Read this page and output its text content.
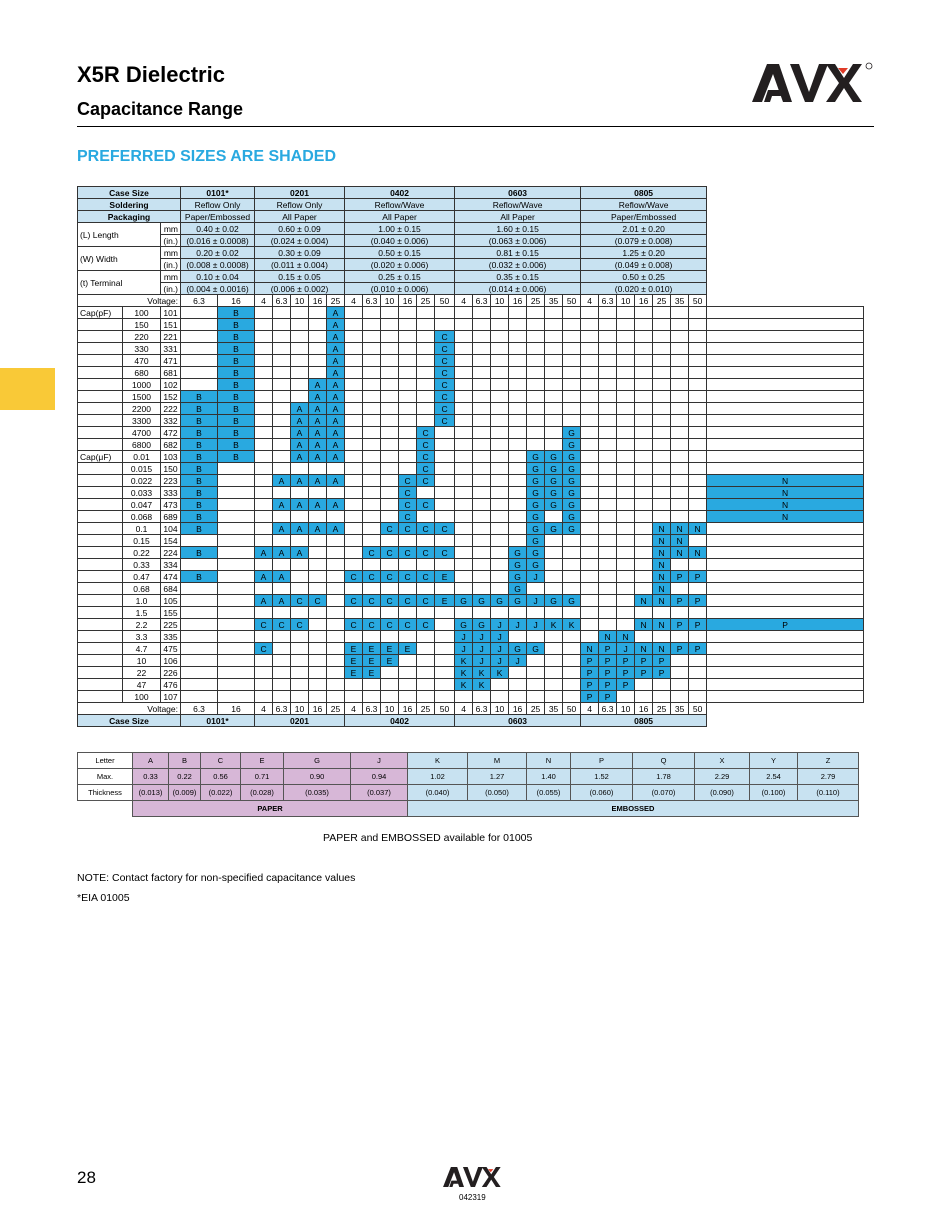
X5R Dielectric
Capacitance Range
PREFERRED SIZES ARE SHADED
Case Size			0101*		0201					0402						0603							0805							
Soldering			Reflow Only		Reflow Only					Reflow/Wave						Reflow/Wave							Reflow/Wave							
Packaging			Paper/Embossed		All Paper					All Paper						All Paper							Paper/Embossed							
(L) Length		mm	0.40 ± 0.02		0.60 ± 0.09					1.00 ± 0.15						1.60 ± 0.15							2.01 ± 0.20							
		(in.)	(0.016 ± 0.0008)		(0.024 ± 0.004)					(0.040 ± 0.006)						(0.063 ± 0.006)							(0.079 ± 0.008)							
(W) Width		mm	0.20 ± 0.02		0.30 ± 0.09					0.50 ± 0.15						0.81 ± 0.15							1.25 ± 0.20							
		(in.)	(0.008 ± 0.0008)		(0.011 ± 0.004)					(0.020 ± 0.006)						(0.032 ± 0.006)							(0.049 ± 0.008)							
(t) Terminal		mm	0.10 ± 0.04		0.15 ± 0.05					0.25 ± 0.15						0.35 ± 0.15							0.50 ± 0.25							
		(in.)	(0.004 ± 0.0016)		(0.006 ± 0.002)					(0.010 ± 0.006)						(0.014 ± 0.006)							(0.020 ± 0.010)							
Voltage:			6.3	16	4	6.3	10	16	25	4	6.3	10	16	25	50	4	6.3	10	16	25	35	50	4	6.3	10	16	25	35	50	
Cap(pF)	100	101		B					A																					
	150	151		B					A																					
	220	221		B					A						C															
	330	331		B					A						C															
	470	471		B					A						C															
	680	681		B					A						C															
	1000	102		B				A	A						C															
	1500	152	B	B				A	A						C															
	2200	222	B	B			A	A	A						C															
	3300	332	B	B			A	A	A						C															
	4700	472	B	B			A	A	A					C								G								
	6800	682	B	B			A	A	A					C								G								
Cap(μF)	0.01	103	B	B			A	A	A					C						G	G	G								
	0.015	150	B											C						G	G	G								
	0.022	223	B			A	A	A	A				C	C						G	G	G								N
	0.033	333	B										C							G	G	G								N
	0.047	473	B			A	A	A	A				C	C						G	G	G								N
	0.068	689	B										C							G		G								N
	0.1	104	B			A	A	A	A			C	C	C	C					G	G	G					N	N	N	
	0.15	154																		G							N	N		
	0.22	224	B		A	A	A				C	C	C	C	C				G	G							N	N	N	
	0.33	334																	G	G							N			
	0.47	474	B		A	A				C	C	C	C	C	E				G	J							N	P	P	
	0.68	684																	G								N			
	1.0	105			A	A	C	C		C	C	C	C	C	E	G	G	G	G	J	G	G				N	N	P	P	
	1.5	155																												
	2.2	225			C	C	C			C	C	C	C	C		G	G	J	J	J	K	K				N	N	P	P	P
	3.3	335														J	J	J						N	N					
	4.7	475			C					E	E	E	E			J	J	J	G	G			N	P	J	N	N	P	P	
	10	106								E	E	E				K	J	J	J				P	P	P	P	P			
	22	226								E	E					K	K	K					P	P	P	P	P			
	47	476														K	K						P	P	P					
	100	107																					P	P						
Voltage:			6.3	16	4	6.3	10	16	25	4	6.3	10	16	25	50	4	6.3	10	16	25	35	50	4	6.3	10	16	25	35	50	
Case Size			0101*		0201					0402						0603							0805							
Letter	A	B	C	E	G	J	K	M	N	P	Q	X	Y	Z
Max.	0.33	0.22	0.56	0.71	0.90	0.94	1.02	1.27	1.40	1.52	1.78	2.29	2.54	2.79
Thickness	(0.013)	(0.009)	(0.022)	(0.028)	(0.035)	(0.037)	(0.040)	(0.050)	(0.055)	(0.060)	(0.070)	(0.090)	(0.100)	(0.110)
	PAPER						EMBOSSED							

PAPER and EMBOSSED available for 01005

NOTE: Contact factory for non-specified capacitance values

*EIA 01005

28

042319
